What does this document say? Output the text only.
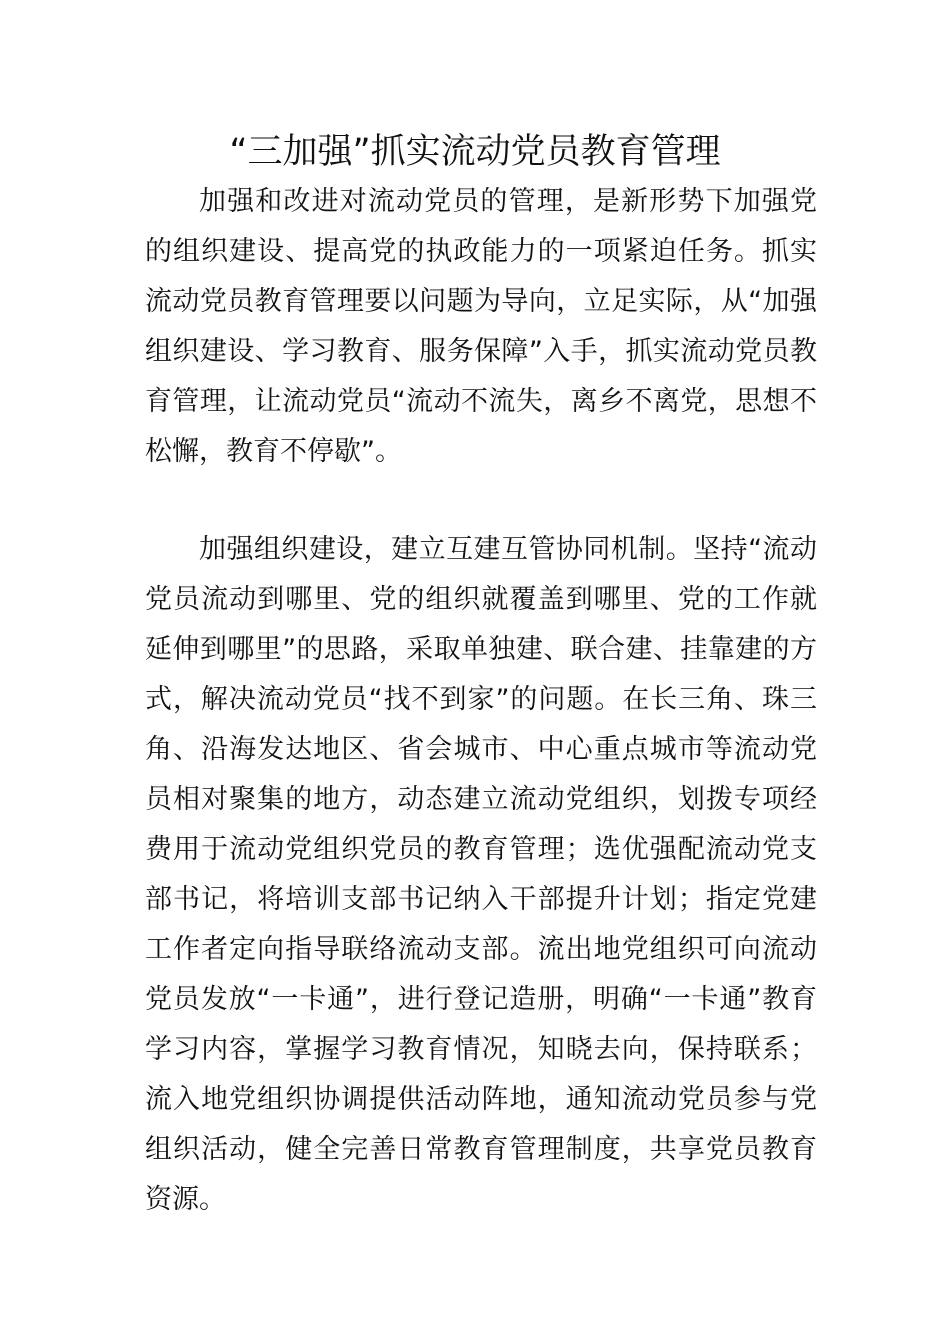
“三加强”抓实流动党员教育管理

加强和改进对流动党员的管理，是新形势下加强党的组织建设、提高党的执政能力的一项紧迫任务。抓实流动党员教育管理要以问题为导向，立足实际，从“加强组织建设、学习教育、服务保障”入手，抓实流动党员教育管理，让流动党员“流动不流失，离乡不离党，思想不松懈，教育不停歇”。

加强组织建设，建立互建互管协同机制。坚持“流动党员流动到哪里、党的组织就覆盖到哪里、党的工作就延伸到哪里”的思路，采取单独建、联合建、挂靠建的方式，解决流动党员“找不到家”的问题。在长三角、珠三角、沿海发达地区、省会城市、中心重点城市等流动党员相对聚集的地方，动态建立流动党组织，划拨专项经费用于流动党组织党员的教育管理；选优强配流动党支部书记，将培训支部书记纳入干部提升计划；指定党建工作者定向指导联络流动支部。流出地党组织可向流动党员发放“一卡通”，进行登记造册，明确“一卡通”教育学习内容，掌握学习教育情况，知晓去向，保持联系；流入地党组织协调提供活动阵地，通知流动党员参与党组织活动，健全完善日常教育管理制度，共享党员教育资源。
